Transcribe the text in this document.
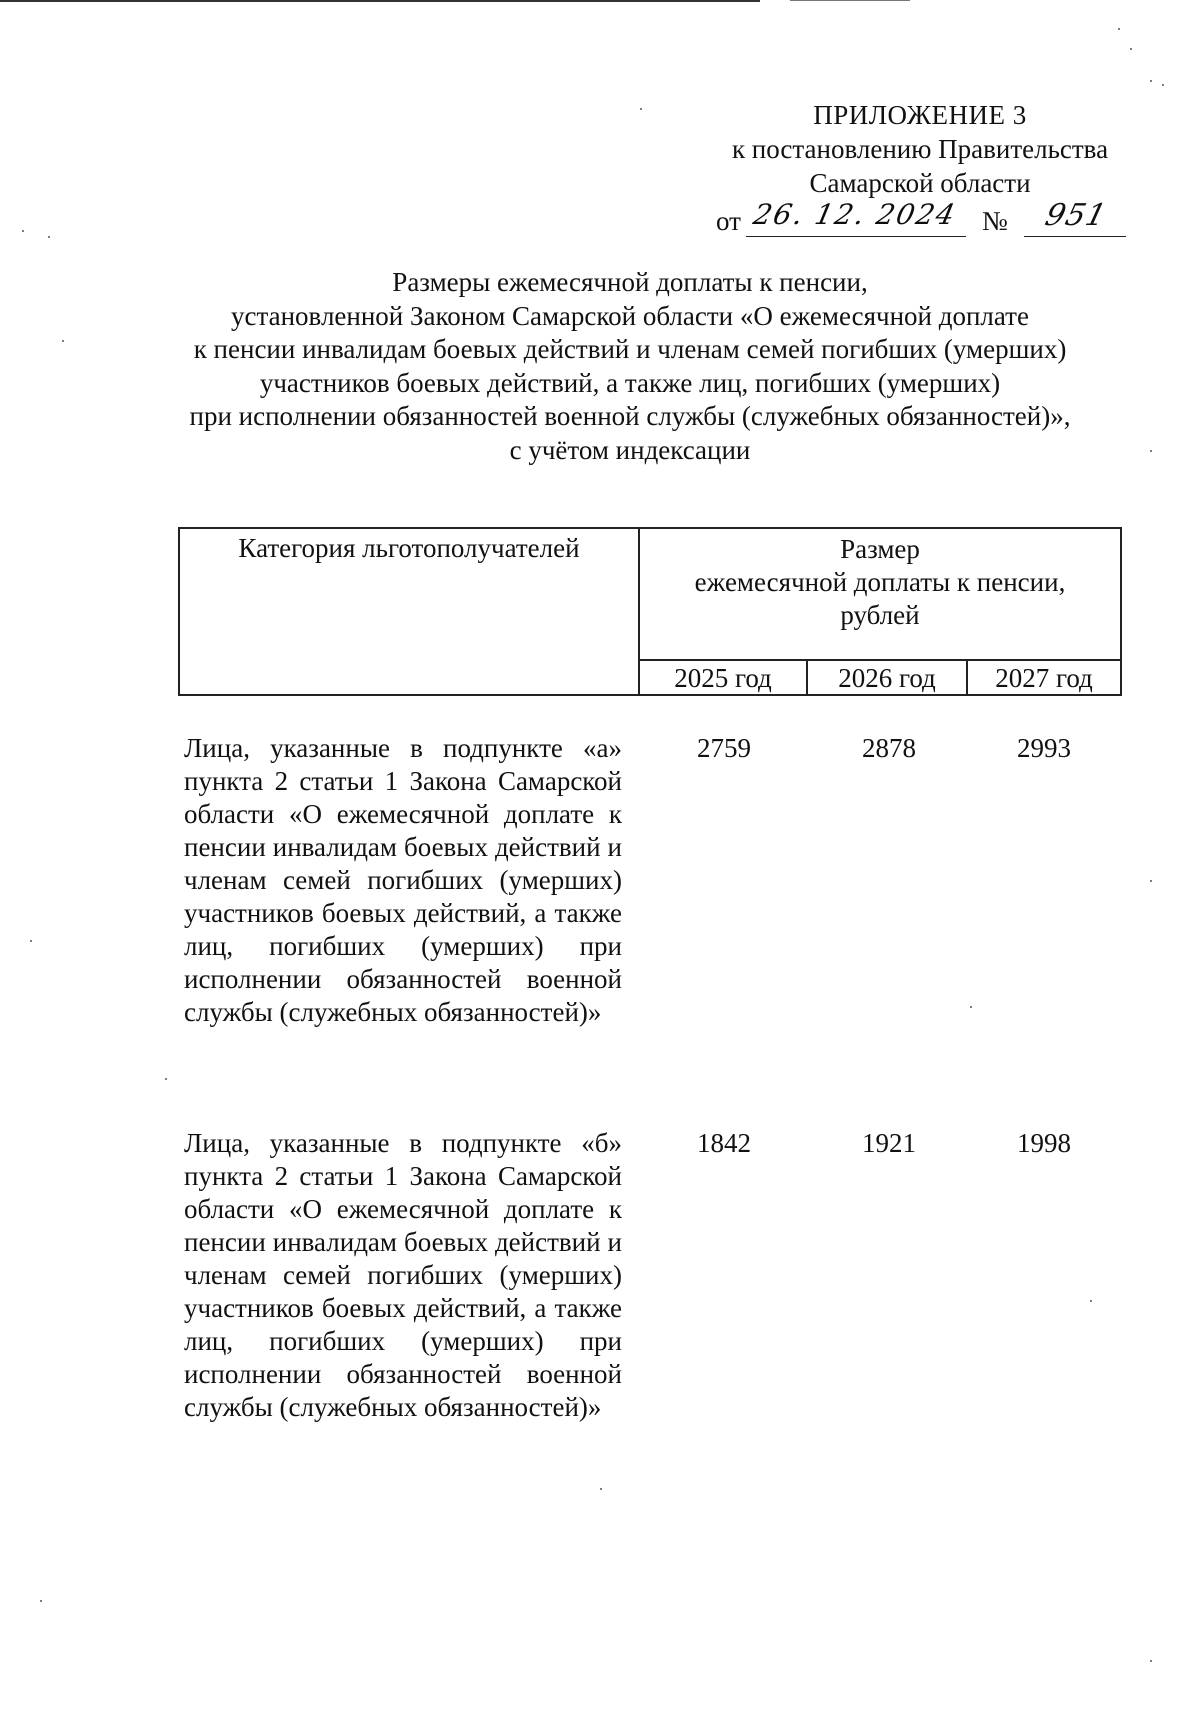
ПРИЛОЖЕНИЕ 3
к постановлению Правительства
Самарской области
от 26. 12. 2024 № 951
Размеры ежемесячной доплаты к пенсии,
установленной Законом Самарской области «О ежемесячной доплате
к пенсии инвалидам боевых действий и членам семей погибших (умерших)
участников боевых действий, а также лиц, погибших (умерших)
при исполнении обязанностей военной службы (служебных обязанностей)»,
с учётом индексации
Категория льготополучателей	Размер
ежемесячной доплаты к пенсии,
рублей
2025 год	2026 год	2027 год
Лица, указанные в подпункте «а» пункта 2 статьи 1 Закона Самарской области «О ежемесячной доплате к пенсии инвалидам боевых действий и членам семей погибших (умерших) участников боевых действий, а также лиц, погибших (умерших) при исполнении обязанностей военной службы (служебных обязанностей)»
2759	2878	2993
Лица, указанные в подпункте «б» пункта 2 статьи 1 Закона Самарской области «О ежемесячной доплате к пенсии инвалидам боевых действий и членам семей погибших (умерших) участников боевых действий, а также лиц, погибших (умерших) при исполнении обязанностей военной службы (служебных обязанностей)»
1842	1921	1998
